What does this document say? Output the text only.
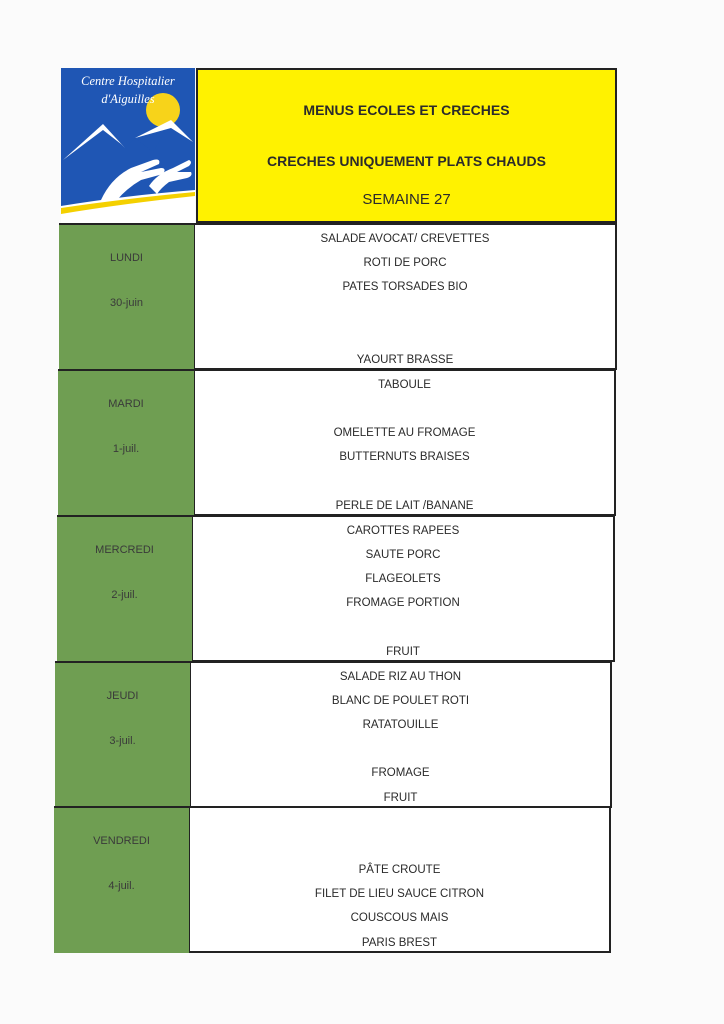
Centre Hospitalier
d'Aiguilles
MENUS ECOLES ET CRECHES
CRECHES UNIQUEMENT PLATS CHAUDS
SEMAINE 27
LUNDI
30-juin
SALADE AVOCAT/ CREVETTES
ROTI DE PORC
PATES TORSADES BIO
YAOURT BRASSE
MARDI
1-juil.
TABOULE
OMELETTE AU FROMAGE
BUTTERNUTS BRAISES
PERLE DE LAIT /BANANE
MERCREDI
2-juil.
CAROTTES RAPEES
SAUTE PORC
FLAGEOLETS
FROMAGE PORTION
FRUIT
JEUDI
3-juil.
SALADE RIZ AU THON
BLANC DE POULET ROTI
RATATOUILLE
FROMAGE
FRUIT
VENDREDI
4-juil.
PÂTE CROUTE
FILET DE LIEU SAUCE CITRON
COUSCOUS MAIS
PARIS BREST
